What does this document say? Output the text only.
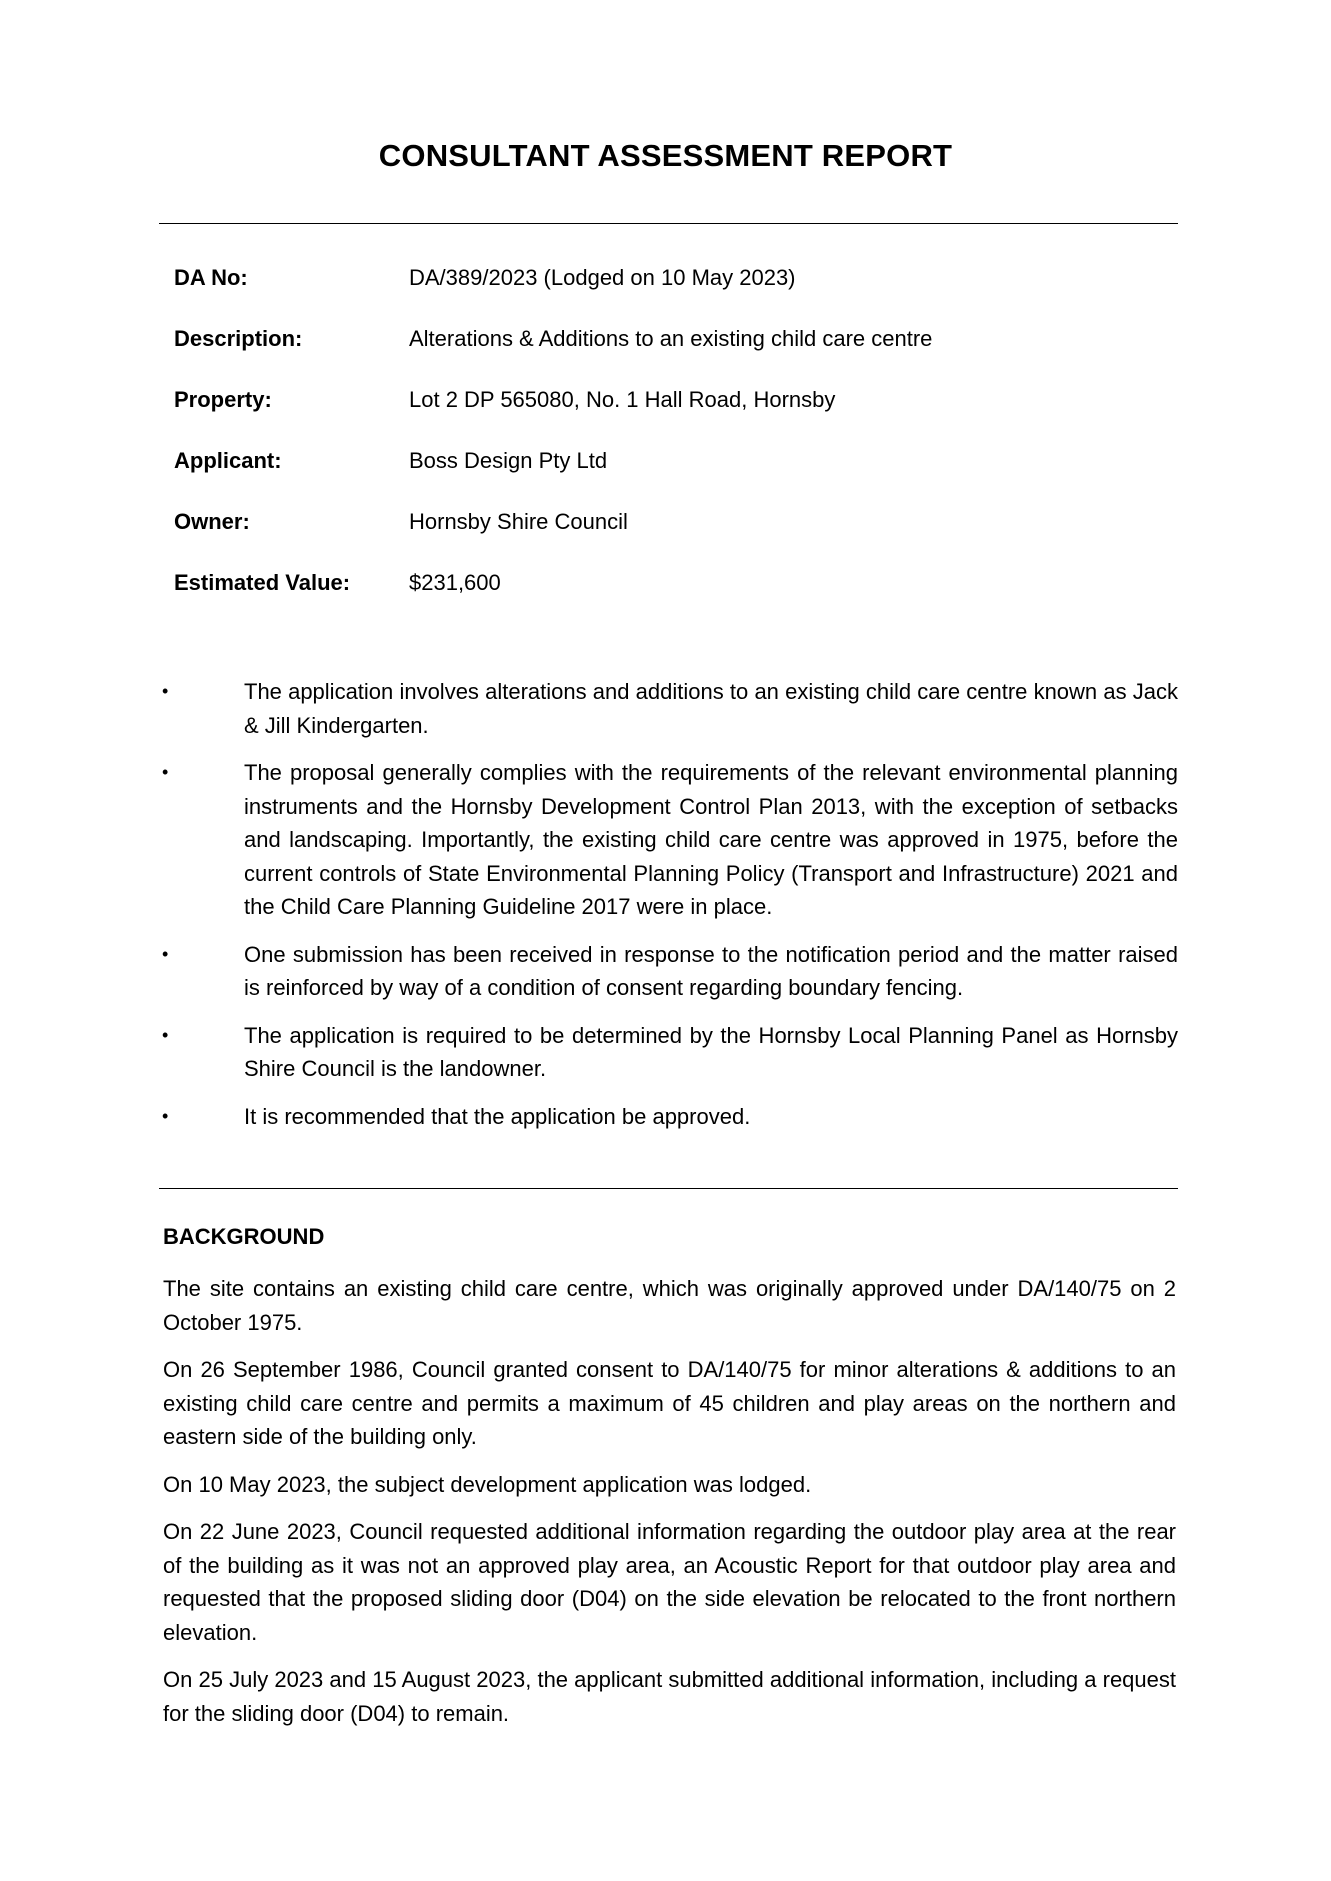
CONSULTANT ASSESSMENT REPORT
DA No:	DA/389/2023 (Lodged on 10 May 2023)
Description:	Alterations & Additions to an existing child care centre
Property:	Lot 2 DP 565080, No. 1 Hall Road, Hornsby
Applicant:	Boss Design Pty Ltd
Owner:	Hornsby Shire Council
Estimated Value:	$231,600
•	The application involves alterations and additions to an existing child care centre known as Jack & Jill Kindergarten.
•	The proposal generally complies with the requirements of the relevant environmental planning instruments and the Hornsby Development Control Plan 2013, with the exception of setbacks and landscaping. Importantly, the existing child care centre was approved in 1975, before the current controls of State Environmental Planning Policy (Transport and Infrastructure) 2021 and the Child Care Planning Guideline 2017 were in place.
•	One submission has been received in response to the notification period and the matter raised is reinforced by way of a condition of consent regarding boundary fencing.
•	The application is required to be determined by the Hornsby Local Planning Panel as Hornsby Shire Council is the landowner.
•	It is recommended that the application be approved.
BACKGROUND

The site contains an existing child care centre, which was originally approved under DA/140/75 on 2 October 1975.

On 26 September 1986, Council granted consent to DA/140/75 for minor alterations & additions to an existing child care centre and permits a maximum of 45 children and play areas on the northern and eastern side of the building only.

On 10 May 2023, the subject development application was lodged.

On 22 June 2023, Council requested additional information regarding the outdoor play area at the rear of the building as it was not an approved play area, an Acoustic Report for that outdoor play area and requested that the proposed sliding door (D04) on the side elevation be relocated to the front northern elevation.

On 25 July 2023 and 15 August 2023, the applicant submitted additional information, including a request for the sliding door (D04) to remain.
